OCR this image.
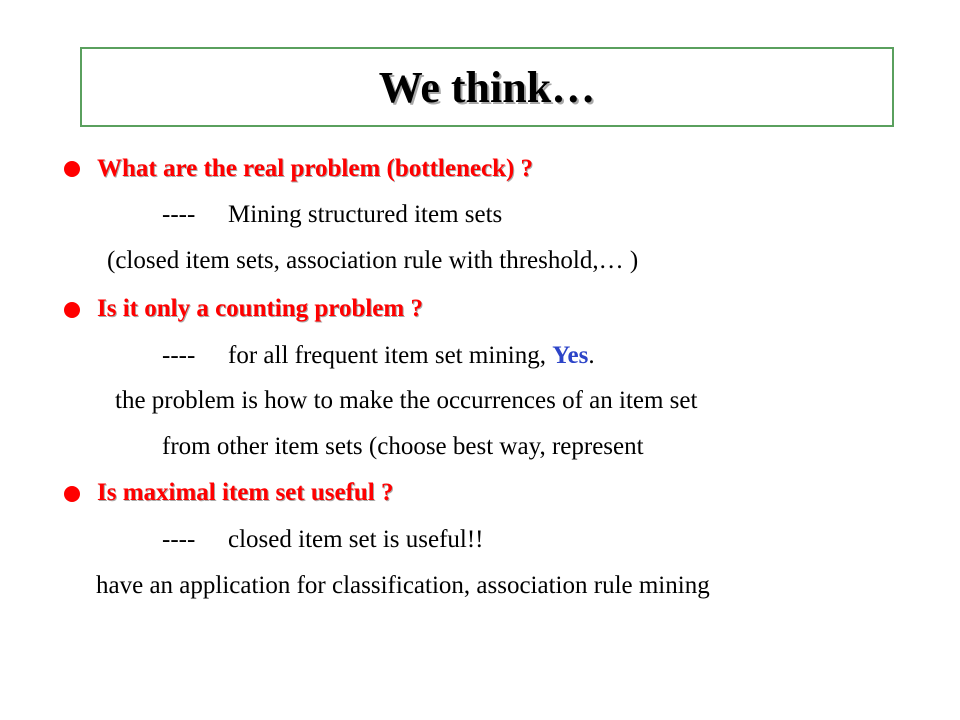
We think…
What are the real problem (bottleneck) ?
---- Mining structured item sets
(closed item sets, association rule with threshold,… )
Is it only a counting problem ?
---- for all frequent item set mining, Yes.
the problem is how to make the occurrences of an item set
from other item sets (choose best way, represent
Is maximal item set useful ?
---- closed item set is useful!!
have an application for classification, association rule mining
